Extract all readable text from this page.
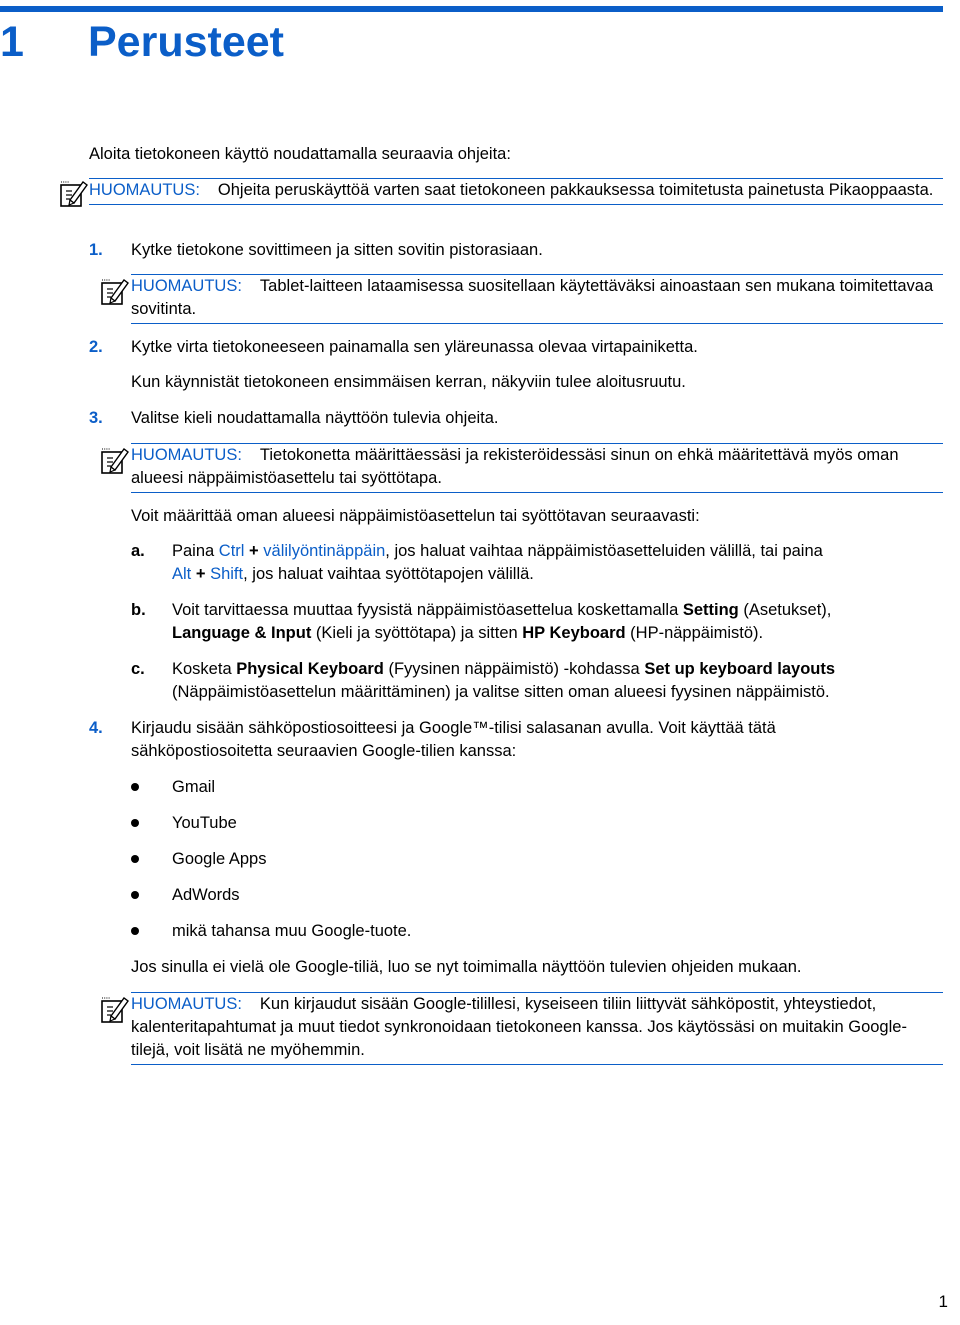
1 Perusteet
Aloita tietokoneen käyttö noudattamalla seuraavia ohjeita:
HUOMAUTUS: Ohjeita peruskäyttöä varten saat tietokoneen pakkauksessa toimitetusta painetusta Pikaoppaasta.
1. Kytke tietokone sovittimeen ja sitten sovitin pistorasiaan.
HUOMAUTUS: Tablet-laitteen lataamisessa suositellaan käytettäväksi ainoastaan sen mukana toimitettavaa sovitinta.
2. Kytke virta tietokoneeseen painamalla sen yläreunassa olevaa virtapainiketta.
Kun käynnistät tietokoneen ensimmäisen kerran, näkyviin tulee aloitusruutu.
3. Valitse kieli noudattamalla näyttöön tulevia ohjeita.
HUOMAUTUS: Tietokonetta määrittäessäsi ja rekisteröidessäsi sinun on ehkä määritettävä myös oman alueesi näppäimistöasettelu tai syöttötapa.
Voit määrittää oman alueesi näppäimistöasettelun tai syöttötavan seuraavasti:
a. Paina Ctrl + välilyöntinäppäin, jos haluat vaihtaa näppäimistöasetteluiden välillä, tai paina
Alt + Shift, jos haluat vaihtaa syöttötapojen välillä.
b. Voit tarvittaessa muuttaa fyysistä näppäimistöasettelua koskettamalla Setting (Asetukset),
Language & Input (Kieli ja syöttötapa) ja sitten HP Keyboard (HP-näppäimistö).
c. Kosketa Physical Keyboard (Fyysinen näppäimistö) -kohdassa Set up keyboard layouts
(Näppäimistöasettelun määrittäminen) ja valitse sitten oman alueesi fyysinen näppäimistö.
4. Kirjaudu sisään sähköpostiosoitteesi ja Google™-tilisi salasanan avulla. Voit käyttää tätä sähköpostiosoitetta seuraavien Google-tilien kanssa:
Gmail
YouTube
Google Apps
AdWords
mikä tahansa muu Google-tuote.
Jos sinulla ei vielä ole Google-tiliä, luo se nyt toimimalla näyttöön tulevien ohjeiden mukaan.
HUOMAUTUS: Kun kirjaudut sisään Google-tilillesi, kyseiseen tiliin liittyvät sähköpostit, yhteystiedot, kalenteritapahtumat ja muut tiedot synkronoidaan tietokoneen kanssa. Jos käytössäsi on muitakin Google-tilejä, voit lisätä ne myöhemmin.
1
